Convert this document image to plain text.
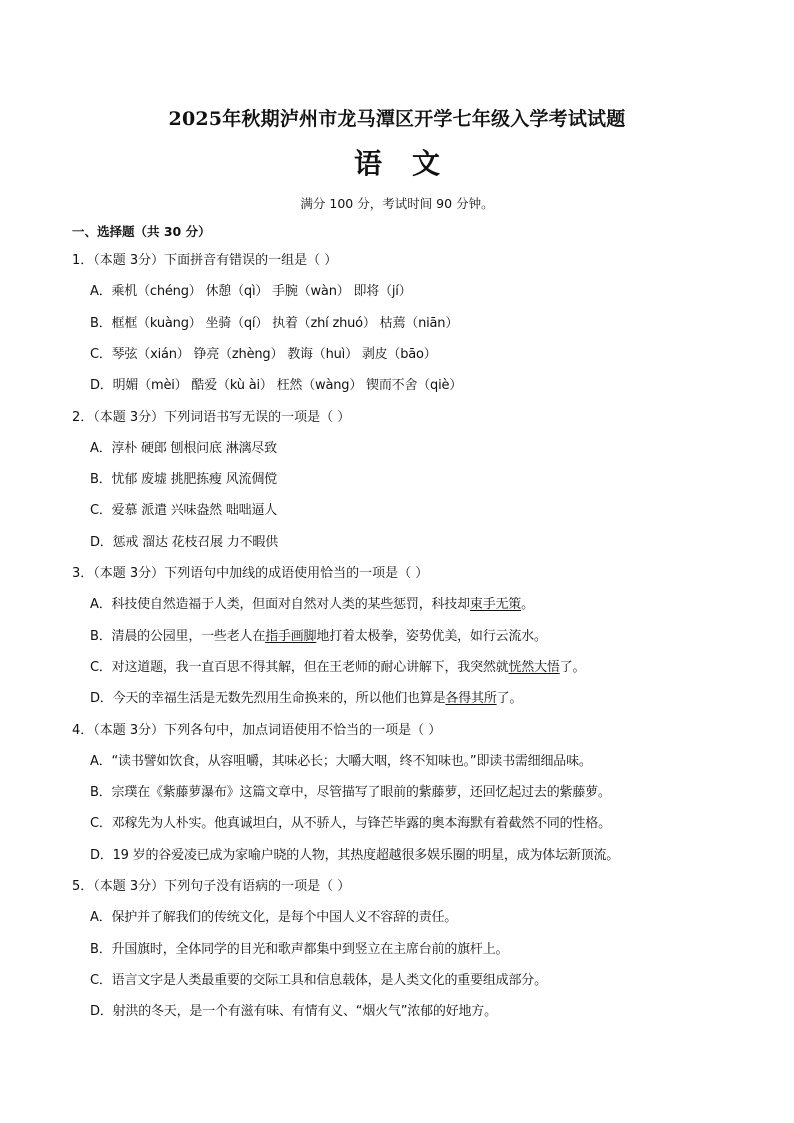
2025年秋期泸州市龙马潭区开学七年级入学考试试题
语文
满分 100 分，考试时间 90 分钟。
一、选择题（共 30 分）
1．（本题 3分）下面拼音有错误的一组是（ ）
A．乘机（chéng） 休憩（qì） 手腕（wàn） 即将（jí）
B．框框（kuàng） 坐骑（qí） 执着（zhí zhuó） 枯蔫（niān）
C．琴弦（xián） 铮亮（zhèng） 教诲（huì） 剥皮（bāo）
D．明媚（mèi） 酷爱（kù ài） 枉然（wàng） 锲而不舍（qiè）
2．（本题 3分）下列词语书写无误的一项是（ ）
A．淳朴 硬郎 刨根问底 淋漓尽致
B．忧郁 废墟 挑肥拣瘦 风流倜傥
C．爱慕 派遣 兴味盎然 咄咄逼人
D．惩戒 溜达 花枝召展 力不暇供
3．（本题 3分）下列语句中加线的成语使用恰当的一项是（ ）
A．科技使自然造福于人类，但面对自然对人类的某些惩罚，科技却束手无策。
B．清晨的公园里，一些老人在指手画脚地打着太极拳，姿势优美，如行云流水。
C．对这道题，我一直百思不得其解，但在王老师的耐心讲解下，我突然就恍然大悟了。
D．今天的幸福生活是无数先烈用生命换来的，所以他们也算是各得其所了。
4．（本题 3分）下列各句中，加点词语使用不恰当的一项是（ ）
A．“读书譬如饮食，从容咀嚼，其味必长；大嚼大咽，终不知味也。”即读书需细细品味。
B．宗璞在《紫藤萝瀑布》这篇文章中，尽管描写了眼前的紫藤萝，还回忆起过去的紫藤萝。
C．邓稼先为人朴实。他真诚坦白，从不骄人，与锋芒毕露的奥本海默有着截然不同的性格。
D．19 岁的谷爱凌已成为家喻户晓的人物，其热度超越很多娱乐圈的明星，成为体坛新顶流。
5．（本题 3分）下列句子没有语病的一项是（ ）
A．保护并了解我们的传统文化，是每个中国人义不容辞的责任。
B．升国旗时，全体同学的目光和歌声都集中到竖立在主席台前的旗杆上。
C．语言文字是人类最重要的交际工具和信息载体，是人类文化的重要组成部分。
D．射洪的冬天，是一个有滋有味、有情有义、“烟火气”浓郁的好地方。
